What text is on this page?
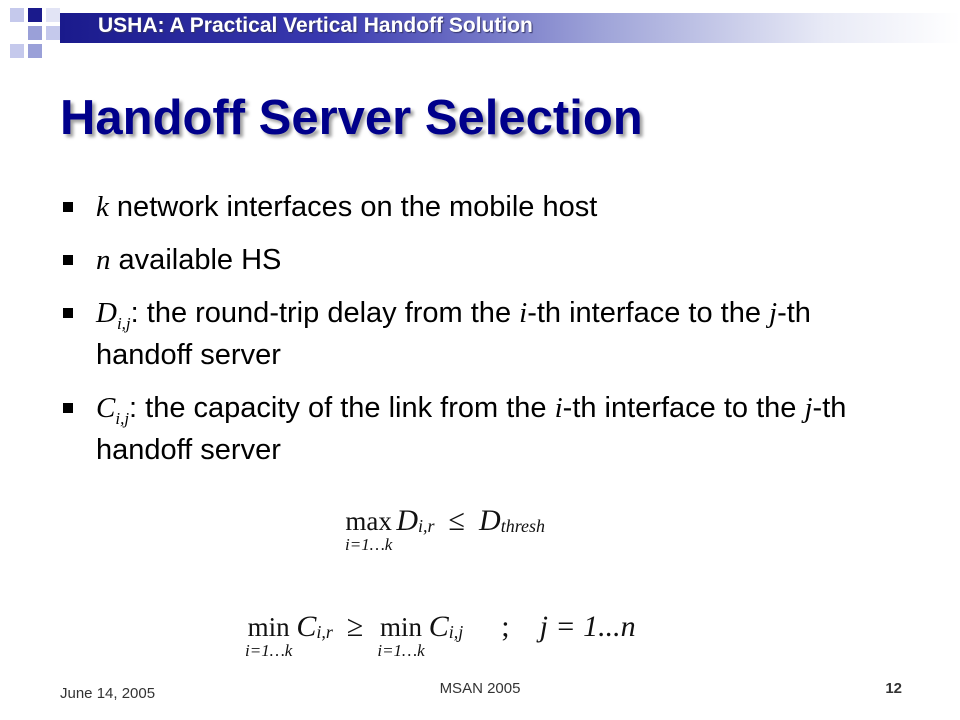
USHA: A Practical Vertical Handoff Solution
Handoff Server Selection
k network interfaces on the mobile host
n available HS
$D_{i,j}$: the round-trip delay from the i-th interface to the j-th handoff server
$C_{i,j}$: the capacity of the link from the i-th interface to the j-th handoff server
max
i=1…k
Di,r ≤ Dthresh
min
i=1…k
Ci,r ≥ min
i=1…k
Ci,j ; j = 1...n
June 14, 2005	MSAN 2005	12
